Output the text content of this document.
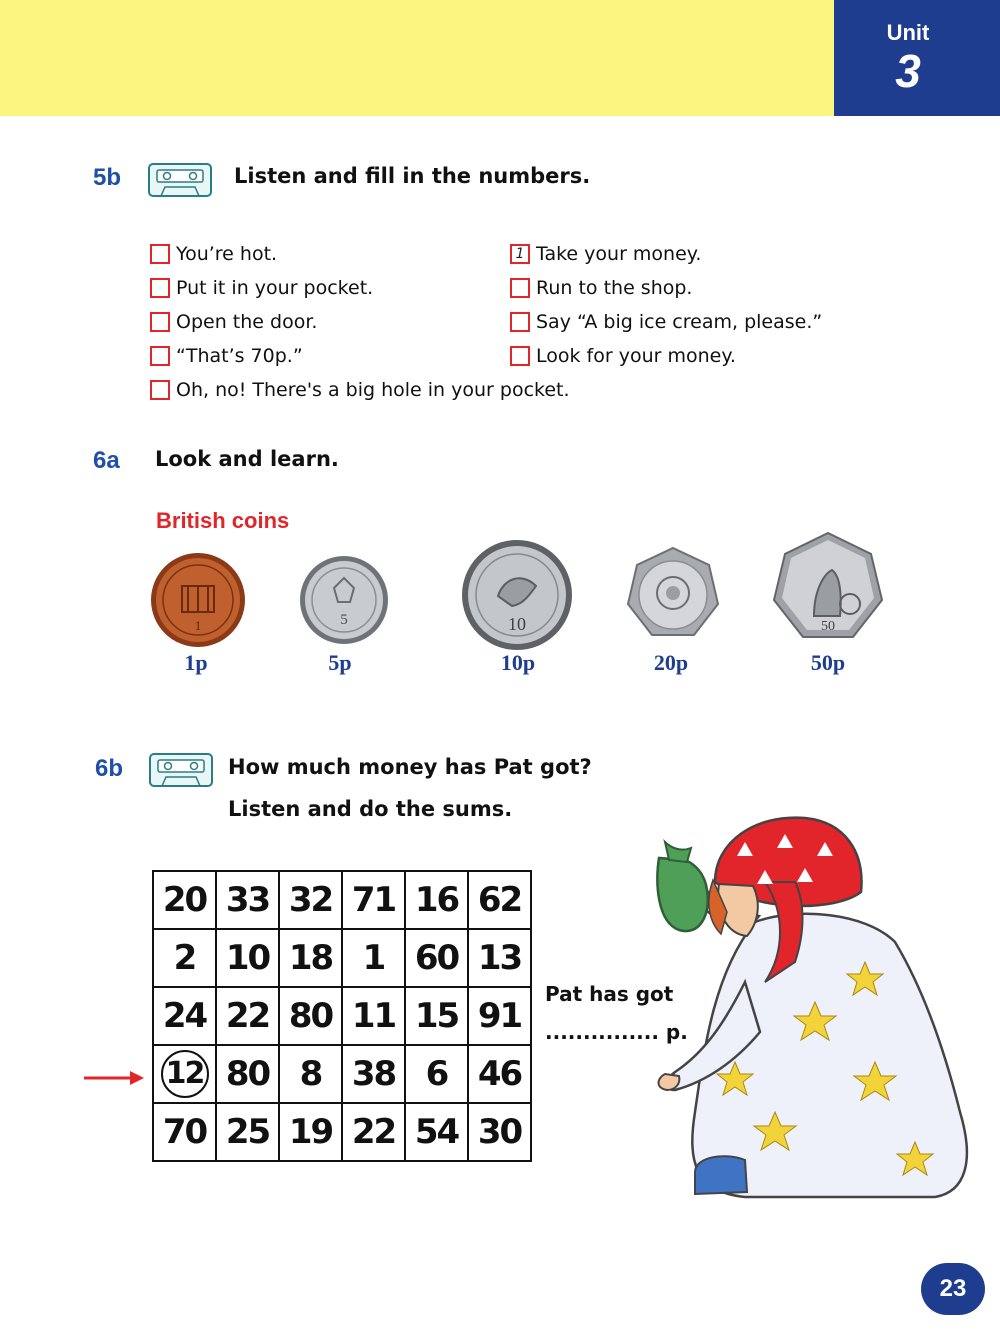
Unit
3
5b	Listen and fill in the numbers.
You’re hot.
Put it in your pocket.
Open the door.
“That’s 70p.”
1 Take your money.
Run to the shop.
Say “A big ice cream, please.”
Look for your money.
Oh, no! There's a big hole in your pocket.
6a Look and learn.
British coins
1
1p
5
5p
10
10p	20p
50
50p
6b	How much money has Pat got?
Listen and do the sums.
20	33	32	71	16	62
2	10	18	1	60	13
24	22	80	11	15	91
12	80	8	38	6	46
70	25	19	22	54	30
Pat has got
............... p.
23
